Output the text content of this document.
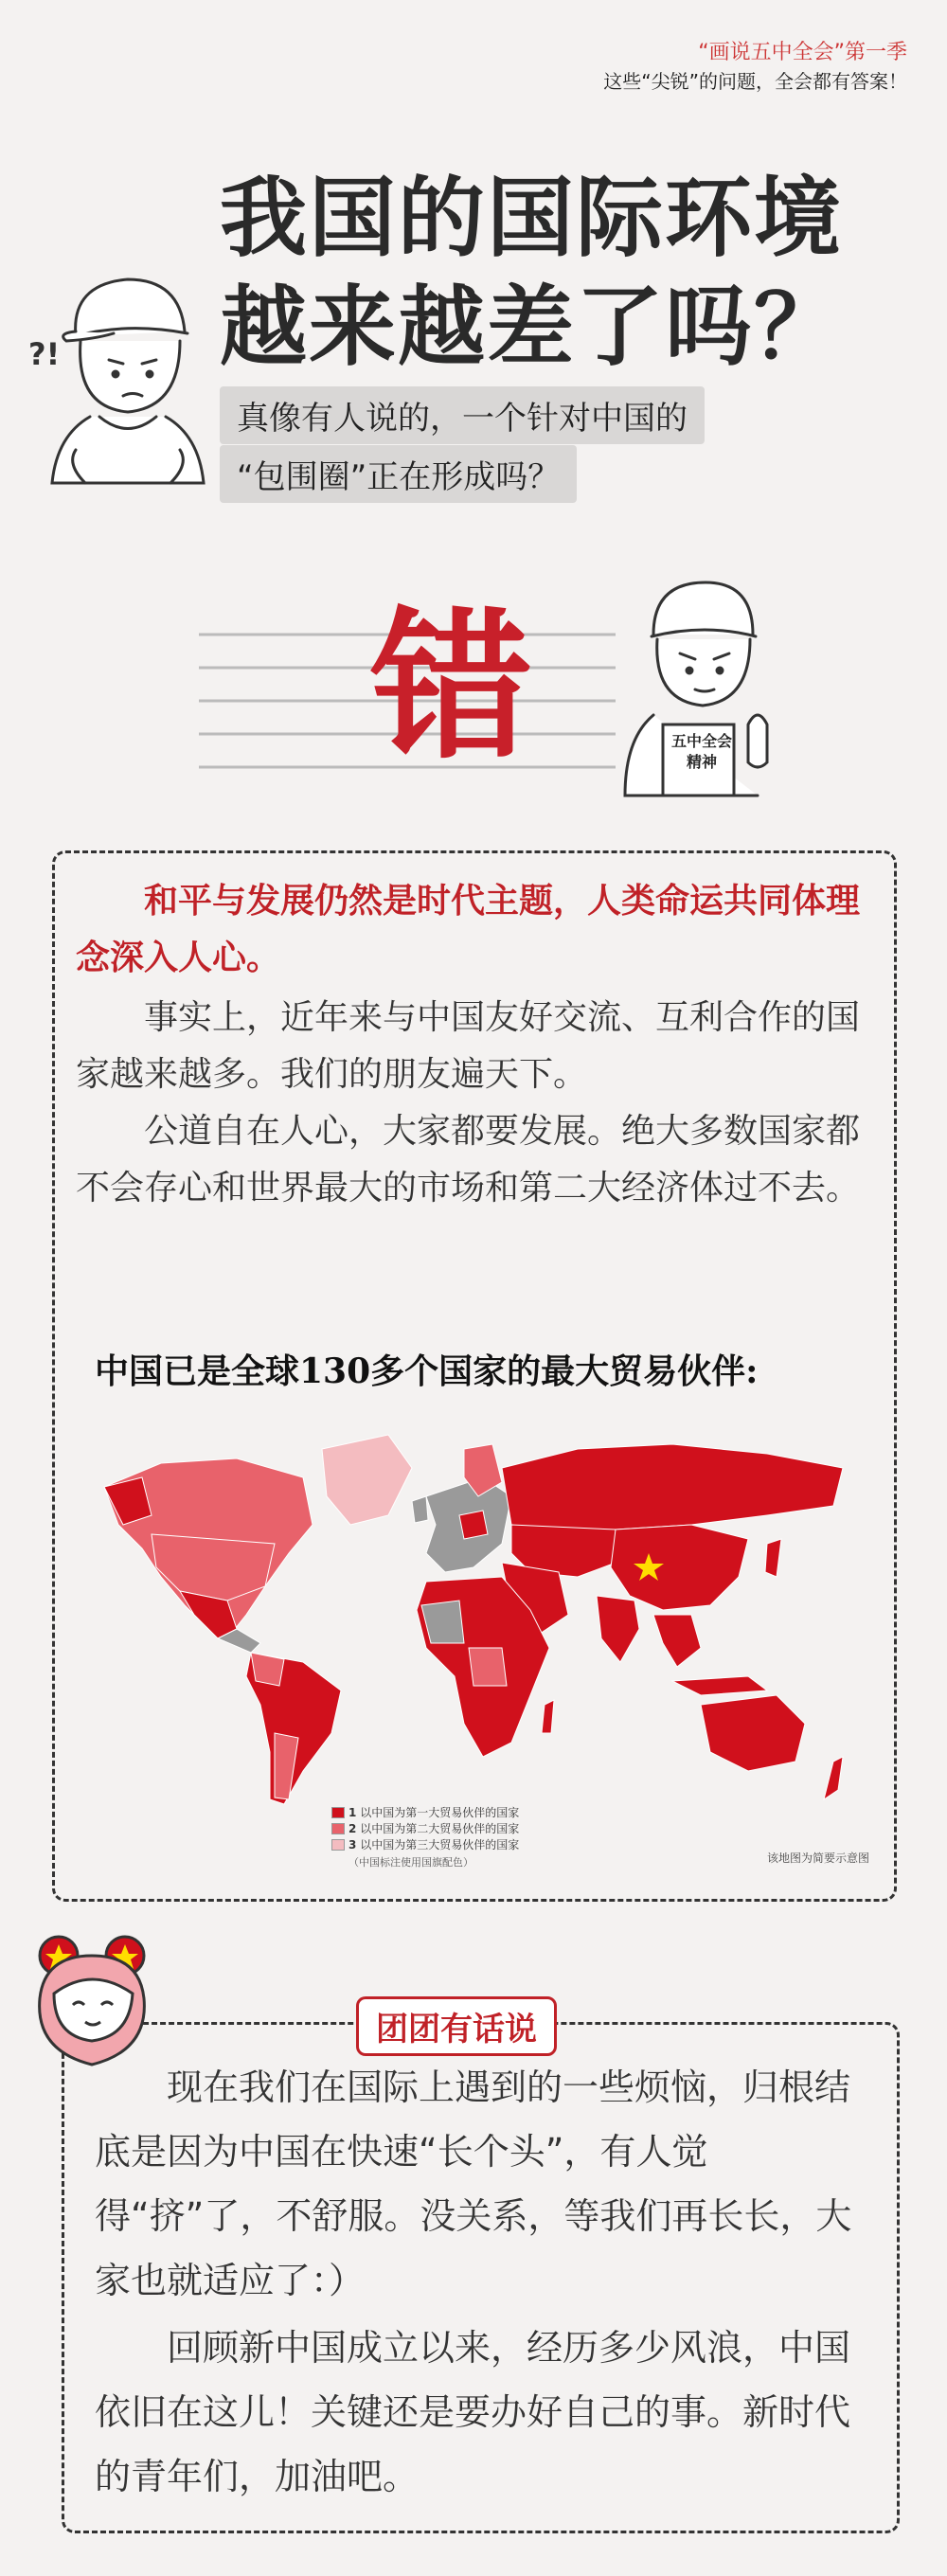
“画说五中全会”第一季
这些“尖锐”的问题，全会都有答案！
?!
我国的国际环境
越来越差了吗？
真像有人说的，一个针对中国的
“包围圈”正在形成吗？
错	五中全会精神
和平与发展仍然是时代主题，人类命运共同体理念深入人心。
事实上，近年来与中国友好交流、互利合作的国家越来越多。我们的朋友遍天下。
公道自在人心，大家都要发展。绝大多数国家都不会存心和世界最大的市场和第二大经济体过不去。
中国已是全球130多个国家的最大贸易伙伴:
1
以中国为第一大贸易伙伴的国家
2
以中国为第二大贸易伙伴的国家
3
以中国为第三大贸易伙伴的国家
（中国标注使用国旗配色）	该地图为简要示意图
团团有话说
现在我们在国际上遇到的一些烦恼，归根结底是因为中国在快速“长个头”，有人觉得“挤”了，不舒服。没关系，等我们再长长，大家也就适应了：）
回顾新中国成立以来，经历多少风浪，中国依旧在这儿！关键还是要办好自己的事。新时代的青年们，加油吧。
